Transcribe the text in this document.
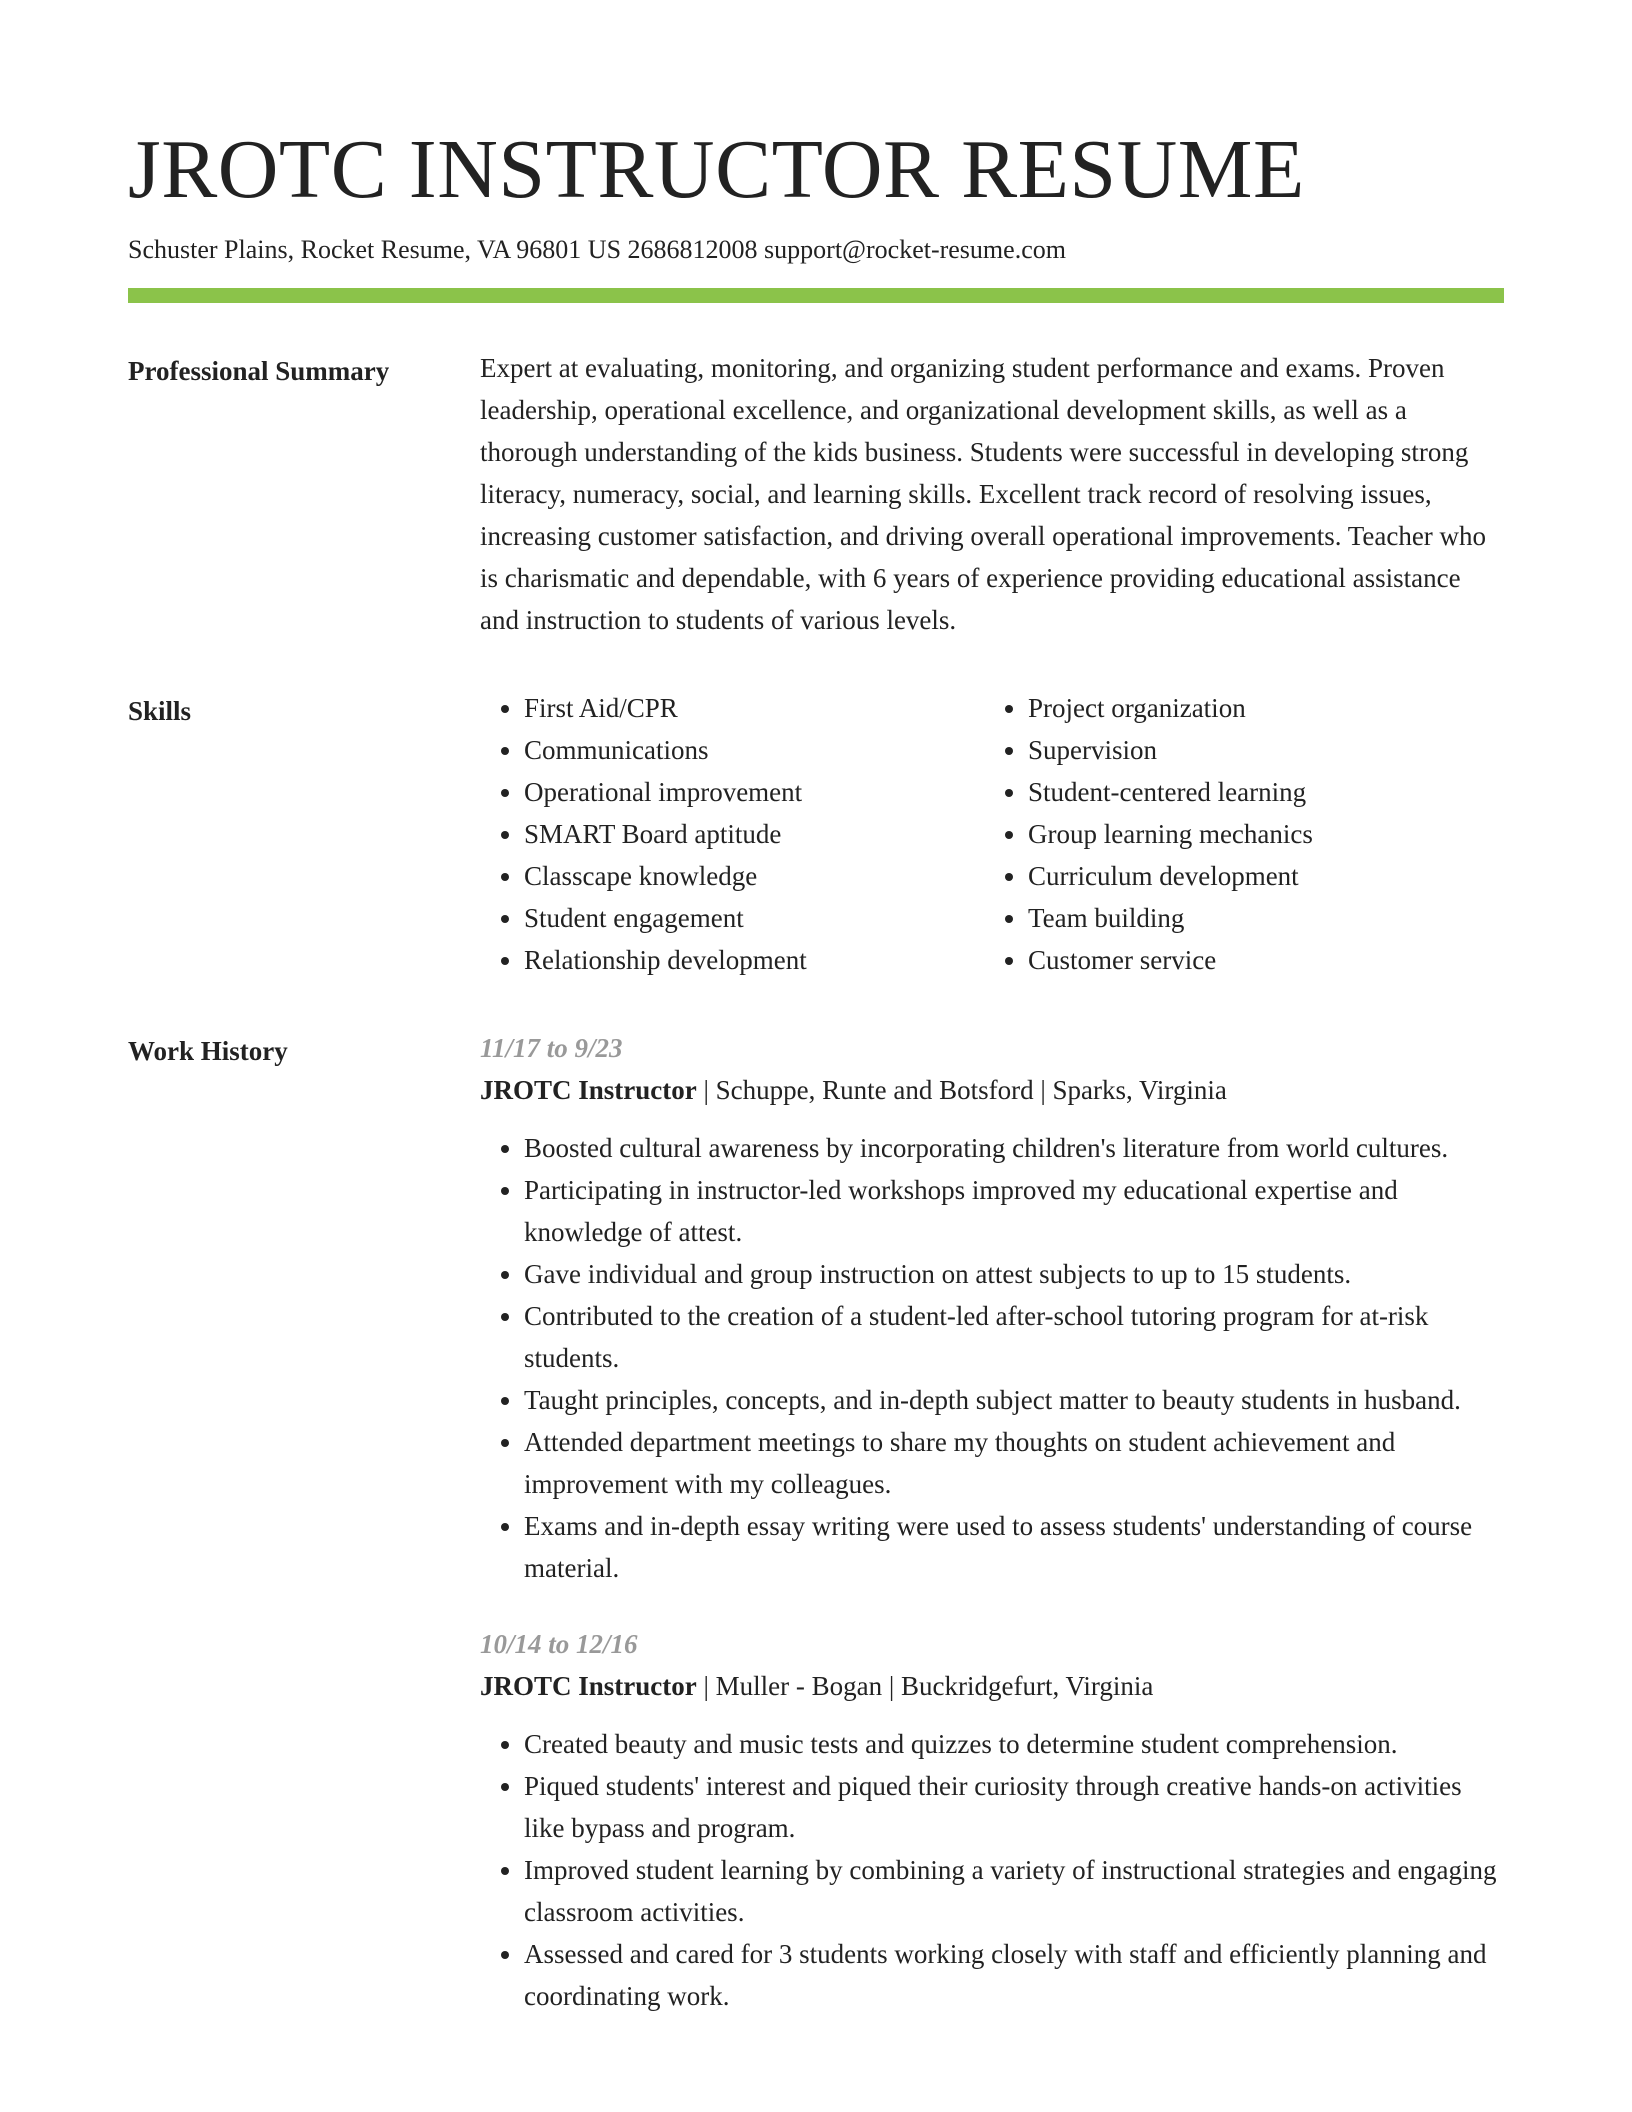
JROTC INSTRUCTOR RESUME
Schuster Plains, Rocket Resume, VA 96801 US 2686812008 support@rocket-resume.com
Professional Summary	Expert at evaluating, monitoring, and organizing student performance and exams. Proven leadership, operational excellence, and organizational development skills, as well as a thorough understanding of the kids business. Students were successful in developing strong literacy, numeracy, social, and learning skills. Excellent track record of resolving issues, increasing customer satisfaction, and driving overall operational improvements. Teacher who is charismatic and dependable, with 6 years of experience providing educational assistance and instruction to students of various levels.

Skills
•	First Aid/CPR
• Communications
• Operational improvement
• SMART Board aptitude
• Classcape knowledge
• Student engagement
• Relationship development
• Project organization
• Supervision
• Student-centered learning
• Group learning mechanics
• Curriculum development
• Team building
• Customer service
Work History	11/17 to 9/23
JROTC Instructor | Schuppe, Runte and Botsford | Sparks, Virginia
• Boosted cultural awareness by incorporating children's literature from world cultures.
• Participating in instructor-led workshops improved my educational expertise and knowledge of attest.
• Gave individual and group instruction on attest subjects to up to 15 students.
• Contributed to the creation of a student-led after-school tutoring program for at-risk students.
• Taught principles, concepts, and in-depth subject matter to beauty students in husband.
• Attended department meetings to share my thoughts on student achievement and improvement with my colleagues.
• Exams and in-depth essay writing were used to assess students' understanding of course material.
10/14 to 12/16
JROTC Instructor | Muller - Bogan | Buckridgefurt, Virginia
• Created beauty and music tests and quizzes to determine student comprehension.
• Piqued students' interest and piqued their curiosity through creative hands-on activities like bypass and program.
• Improved student learning by combining a variety of instructional strategies and engaging classroom activities.
• Assessed and cared for 3 students working closely with staff and efficiently planning and coordinating work.
